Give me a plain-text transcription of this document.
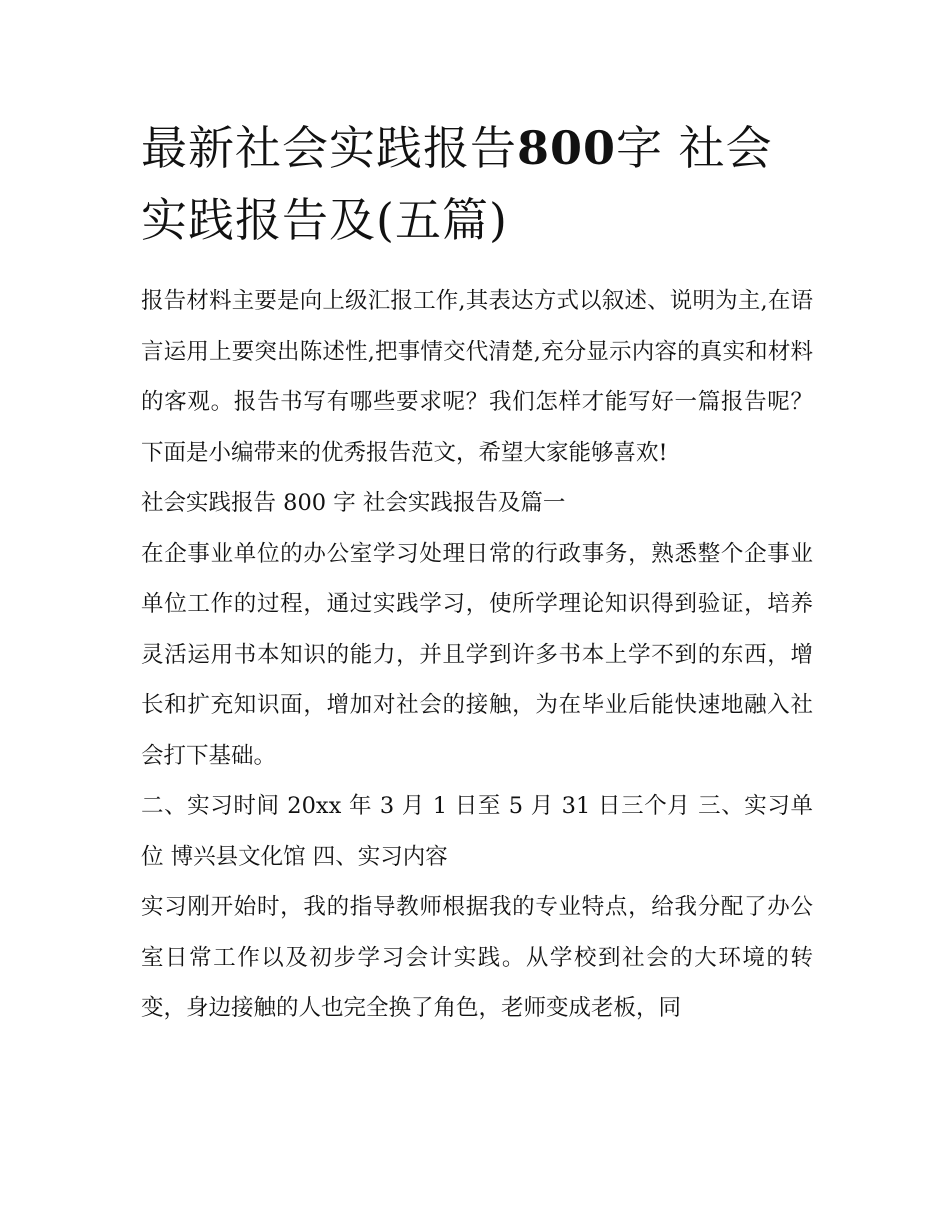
最新社会实践报告800字 社会实践报告及(五篇)

报告材料主要是向上级汇报工作,其表达方式以叙述、说明为主,在语言运用上要突出陈述性,把事情交代清楚,充分显示内容的真实和材料的客观。报告书写有哪些要求呢？我们怎样才能写好一篇报告呢？下面是小编带来的优秀报告范文，希望大家能够喜欢!

社会实践报告 800 字 社会实践报告及篇一

在企事业单位的办公室学习处理日常的行政事务，熟悉整个企事业单位工作的过程，通过实践学习，使所学理论知识得到验证，培养灵活运用书本知识的能力，并且学到许多书本上学不到的东西，增长和扩充知识面，增加对社会的接触，为在毕业后能快速地融入社会打下基础。

二、实习时间 20xx 年 3 月 1 日至 5 月 31 日三个月 三、实习单位 博兴县文化馆 四、实习内容

实习刚开始时，我的指导教师根据我的专业特点，给我分配了办公室日常工作以及初步学习会计实践。从学校到社会的大环境的转变，身边接触的人也完全换了角色，老师变成老板，同
